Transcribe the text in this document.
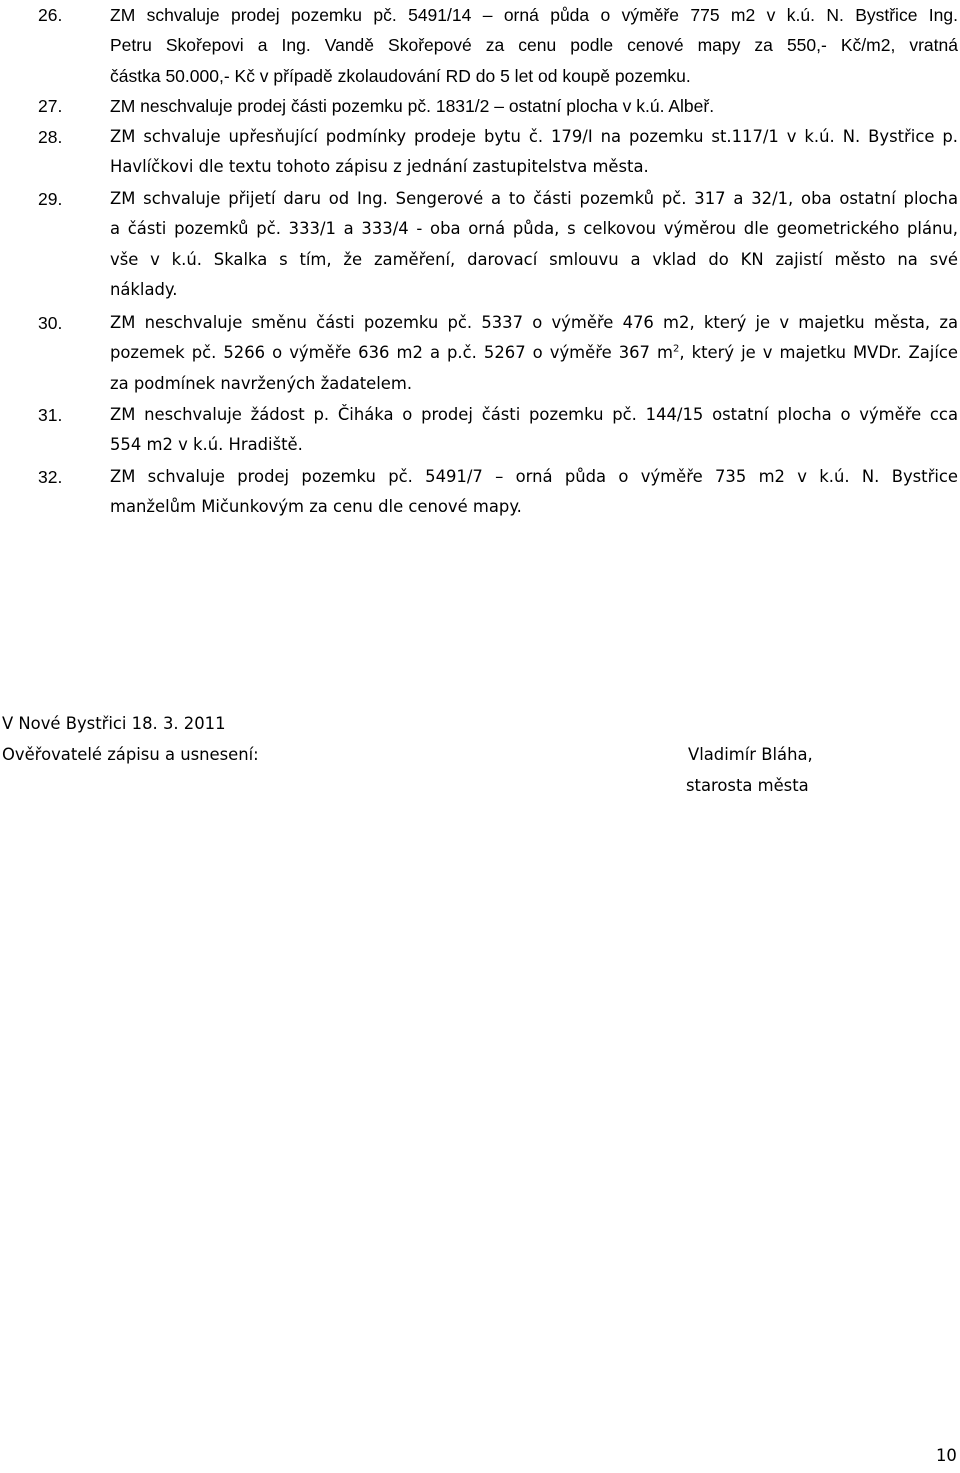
26.	ZM schvaluje prodej pozemku pč. 5491/14 – orná půda o výměře 775 m2 v k.ú. N. Bystřice Ing.
Petru Skořepovi a Ing. Vandě Skořepové za cenu podle cenové mapy za 550,- Kč/m2, vratná
částka 50.000,- Kč v případě zkolaudování RD do 5 let od koupě pozemku.
27.	ZM neschvaluje prodej části pozemku pč. 1831/2 – ostatní plocha v k.ú. Albeř.
28.	ZM schvaluje upřesňující podmínky prodeje bytu č. 179/I na pozemku st.117/1 v k.ú. N. Bystřice p.
Havlíčkovi dle textu tohoto zápisu z jednání zastupitelstva města.
29.	ZM schvaluje přijetí daru od Ing. Sengerové a to části pozemků pč. 317 a 32/1, oba ostatní plocha
a části pozemků pč. 333/1 a 333/4 - oba orná půda, s celkovou výměrou dle geometrického plánu,
vše v k.ú. Skalka s tím, že zaměření, darovací smlouvu a vklad do KN zajistí město na své
náklady.
30.	ZM neschvaluje směnu části pozemku pč. 5337 o výměře 476 m2, který je v majetku města, za
pozemek pč. 5266 o výměře 636 m2 a p.č. 5267 o výměře 367 $m^2$, který je v majetku MVDr. Zajíce
za podmínek navržených žadatelem.
31.	ZM neschvaluje žádost p. Čiháka o prodej části pozemku pč. 144/15 ostatní plocha o výměře cca
554 m2 v k.ú. Hradiště.
32.	ZM schvaluje prodej pozemku pč. 5491/7 – orná půda o výměře 735 m2 v k.ú. N. Bystřice
manželům Mičunkovým za cenu dle cenové mapy.
V Nové Bystřici 18. 3. 2011
Ověřovatelé zápisu a usnesení:	Vladimír Bláha,
starosta města
10
